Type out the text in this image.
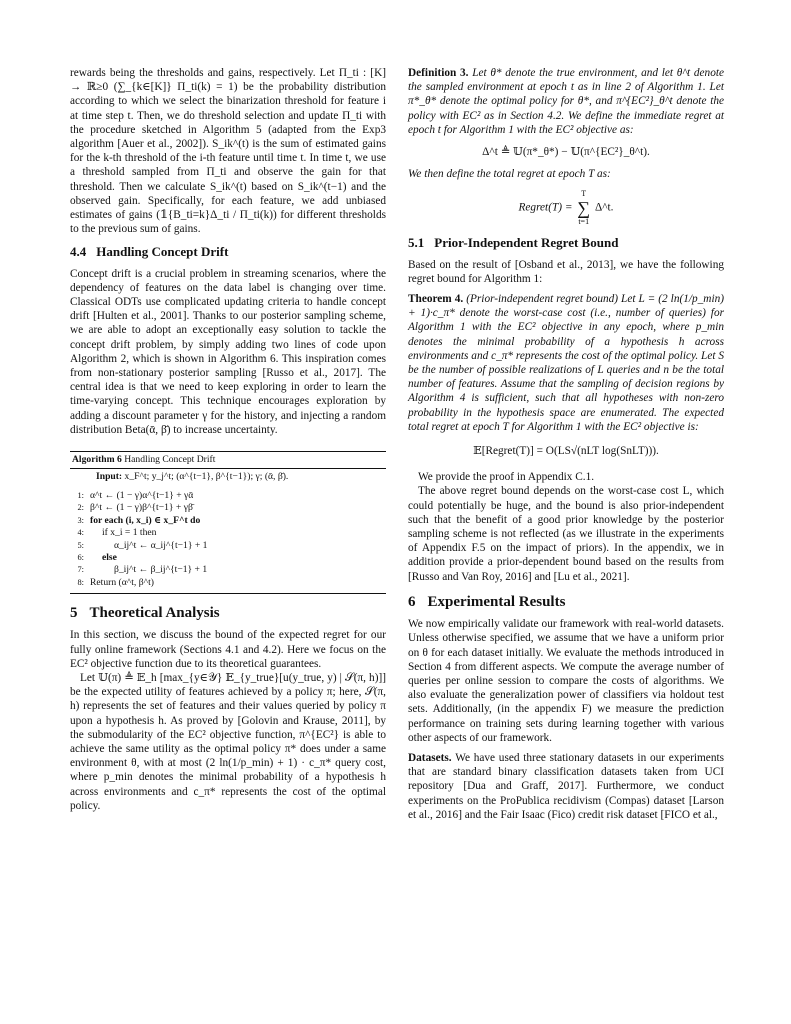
rewards being the thresholds and gains, respectively. Let Π_ti : [K] → ℝ≥0 (∑_{k∈[K]} Π_ti(k) = 1) be the probability distribution according to which we select the binarization threshold for feature i at time step t. Then, we do threshold selection and update Π_ti with the procedure sketched in Algorithm 5 (adapted from the Exp3 algorithm [Auer et al., 2002]). S_ik^(t) is the sum of estimated gains for the k-th threshold of the i-th feature until time t. In time t, we use a threshold sampled from Π_ti and observe the gain for that threshold. Then we calculate S_ik^(t) based on S_ik^(t−1) and the observed gain. Specifically, for each feature, we add unbiased estimates of gains (𝟙{B_ti=k}Δ_ti / Π_ti(k)) for different thresholds to the previous sum of gains.

4.4 Handling Concept Drift

Concept drift is a crucial problem in streaming scenarios, where the dependency of features on the data label is changing over time. Classical ODTs use complicated updating criteria to handle concept drift [Hulten et al., 2001]. Thanks to our posterior sampling scheme, we are able to adopt an exceptionally easy solution to tackle the concept drift problem, by simply adding two lines of code upon Algorithm 2, which is shown in Algorithm 6. This inspiration comes from non-stationary posterior sampling [Russo et al., 2017]. The central idea is that we need to keep exploring in order to learn the time-varying concept. This technique encourages exploration by adding a discount parameter γ for the history, and injecting a random distribution Beta(ᾱ, β̄) to increase uncertainty.

Algorithm 6 Handling Concept Drift
Input: x_F^t; y_j^t; (α^{t−1}, β^{t−1}); γ; (ᾱ, β̄).
1: α^t ← (1 − γ)α^{t−1} + γᾱ
2: β^t ← (1 − γ)β^{t−1} + γβ̄
3: for each (i, x_i) ∈ x_F^t do
4:	if x_i = 1 then
5:	α_ij^t ← α_ij^{t−1} + 1
6:	else
7:	β_ij^t ← β_ij^{t−1} + 1
8: Return (α^t, β^t)
5 Theoretical Analysis

In this section, we discuss the bound of the expected regret for our fully online framework (Sections 4.1 and 4.2). Here we focus on the EC² objective function due to its theoretical guarantees.

Let 𝕌(π) ≜ 𝔼_h [max_{y∈𝒴} 𝔼_{y_true}[u(y_true, y) | 𝒮(π, h)]] be the expected utility of features achieved by a policy π; here, 𝒮(π, h) represents the set of features and their values queried by policy π upon a hypothesis h. As proved by [Golovin and Krause, 2011], by the submodularity of the EC² objective function, π^{EC²} is able to achieve the same utility as the optimal policy π* does under a same environment θ, with at most (2 ln(1/p_min) + 1) · c_π* query cost, where p_min denotes the minimal probability of a hypothesis h across environments and c_π* represents the cost of the optimal policy.

Definition 3. Let θ* denote the true environment, and let θ^t denote the sampled environment at epoch t as in line 2 of Algorithm 1. Let π*_θ* denote the optimal policy for θ*, and π^{EC²}_θ^t denote the policy with EC² as in Section 4.2. We define the immediate regret at epoch t for Algorithm 1 with the EC² objective as:

Δ^t ≜ 𝕌(π*_θ*) − 𝕌(π^{EC²}_θ^t).

We then define the total regret at epoch T as:

Regret(T) =
T
∑
t=1
Δ^t.
5.1 Prior-Independent Regret Bound

Based on the result of [Osband et al., 2013], we have the following regret bound for Algorithm 1:

Theorem 4. (Prior-independent regret bound) Let L = (2 ln(1/p_min) + 1)·c_π* denote the worst-case cost (i.e., number of queries) for Algorithm 1 with the EC² objective in any epoch, where p_min denotes the minimal probability of a hypothesis h across environments and c_π* represents the cost of the optimal policy. Let S be the number of possible realizations of L queries and n be the total number of features. Assume that the sampling of decision regions by Algorithm 4 is sufficient, such that all hypotheses with non-zero probability in the hypothesis space are enumerated. The expected total regret at epoch T for Algorithm 1 with the EC² objective is:

𝔼[Regret(T)] = O(LS√(nLT log(SnLT))).

We provide the proof in Appendix C.1.

The above regret bound depends on the worst-case cost L, which could potentially be huge, and the bound is also prior-independent such that the benefit of a good prior knowledge by the posterior sampling scheme is not reflected (as we illustrate in the experiments of Appendix F.5 on the impact of priors). In the appendix, we in addition provide a prior-dependent bound based on the results from [Russo and Van Roy, 2016] and [Lu et al., 2021].

6 Experimental Results

We now empirically validate our framework with real-world datasets. Unless otherwise specified, we assume that we have a uniform prior on θ for each dataset initially. We evaluate the methods introduced in Section 4 from different aspects. We compute the average number of queries per online session to compare the costs of algorithms. We also evaluate the generalization power of classifiers via holdout test sets. Additionally, (in the appendix F) we measure the prediction performance on training sets during learning together with various other aspects of our framework.

Datasets. We have used three stationary datasets in our experiments that are standard binary classification datasets taken from UCI repository [Dua and Graff, 2017]. Furthermore, we conduct experiments on the ProPublica recidivism (Compas) dataset [Larson et al., 2016] and the Fair Isaac (Fico) credit risk dataset [FICO et al.,
